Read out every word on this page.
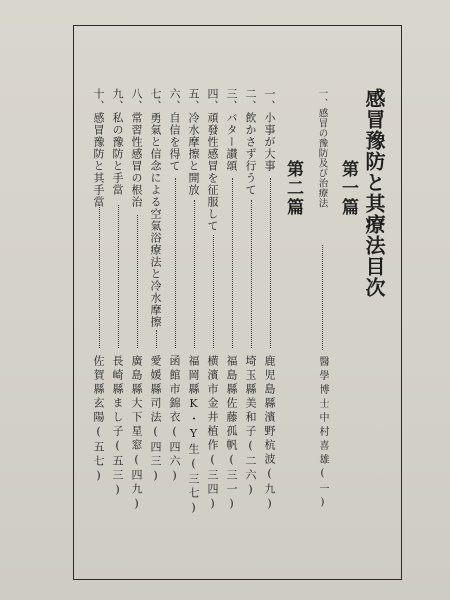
感冒豫防と其療法目次
第一篇
第二篇 一、感冒の豫防及び治療法
醫學博士中村喜雄(一)
一、小事が大事
鹿児島縣濱野杭波(九)
二、飲かさず行うて
埼玉縣美和子(二六)
三、バター讃頌
福島縣佐藤孤帆(三一)
四、頑發性感冒を征服して
横濱市金井植作(三四)
五、冷水摩擦と開放
福岡縣K・Y生(三七)
六、自信を得て
函館市錦衣(四六)
七、勇氣と信念による空氣浴療法と冷水摩擦
愛媛縣司法(四三)
八、常習性感冒の根治
廣島縣大下星窓(四九)
九、私の豫防と手當
長崎縣まし子(五三)
十、感冒豫防と其手當
佐賀縣玄陽(五七)
